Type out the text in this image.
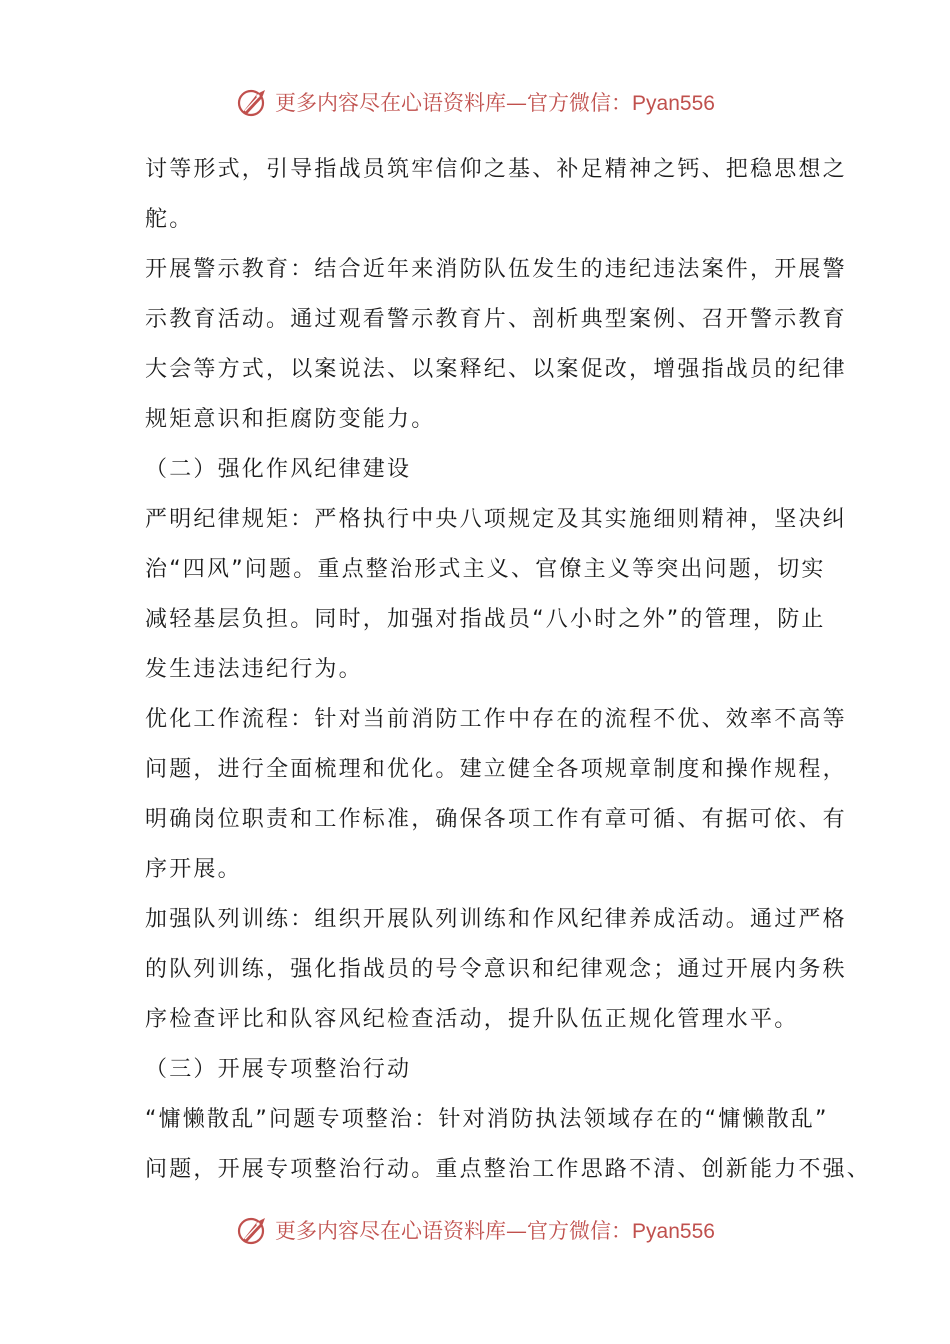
更多内容尽在心语资料库—官方微信：Pyan556
讨等形式，引导指战员筑牢信仰之基、补足精神之钙、把稳思想之
舵。
开展警示教育：结合近年来消防队伍发生的违纪违法案件，开展警
示教育活动。通过观看警示教育片、剖析典型案例、召开警示教育
大会等方式，以案说法、以案释纪、以案促改，增强指战员的纪律
规矩意识和拒腐防变能力。
（二）强化作风纪律建设
严明纪律规矩：严格执行中央八项规定及其实施细则精神，坚决纠
治“四风”问题。重点整治形式主义、官僚主义等突出问题，切实
减轻基层负担。同时，加强对指战员“八小时之外”的管理，防止
发生违法违纪行为。
优化工作流程：针对当前消防工作中存在的流程不优、效率不高等
问题，进行全面梳理和优化。建立健全各项规章制度和操作规程，
明确岗位职责和工作标准，确保各项工作有章可循、有据可依、有
序开展。
加强队列训练：组织开展队列训练和作风纪律养成活动。通过严格
的队列训练，强化指战员的号令意识和纪律观念；通过开展内务秩
序检查评比和队容风纪检查活动，提升队伍正规化管理水平。
（三）开展专项整治行动
“慵懒散乱”问题专项整治：针对消防执法领域存在的“慵懒散乱”
问题，开展专项整治行动。重点整治工作思路不清、创新能力不强、
更多内容尽在心语资料库—官方微信：Pyan556
